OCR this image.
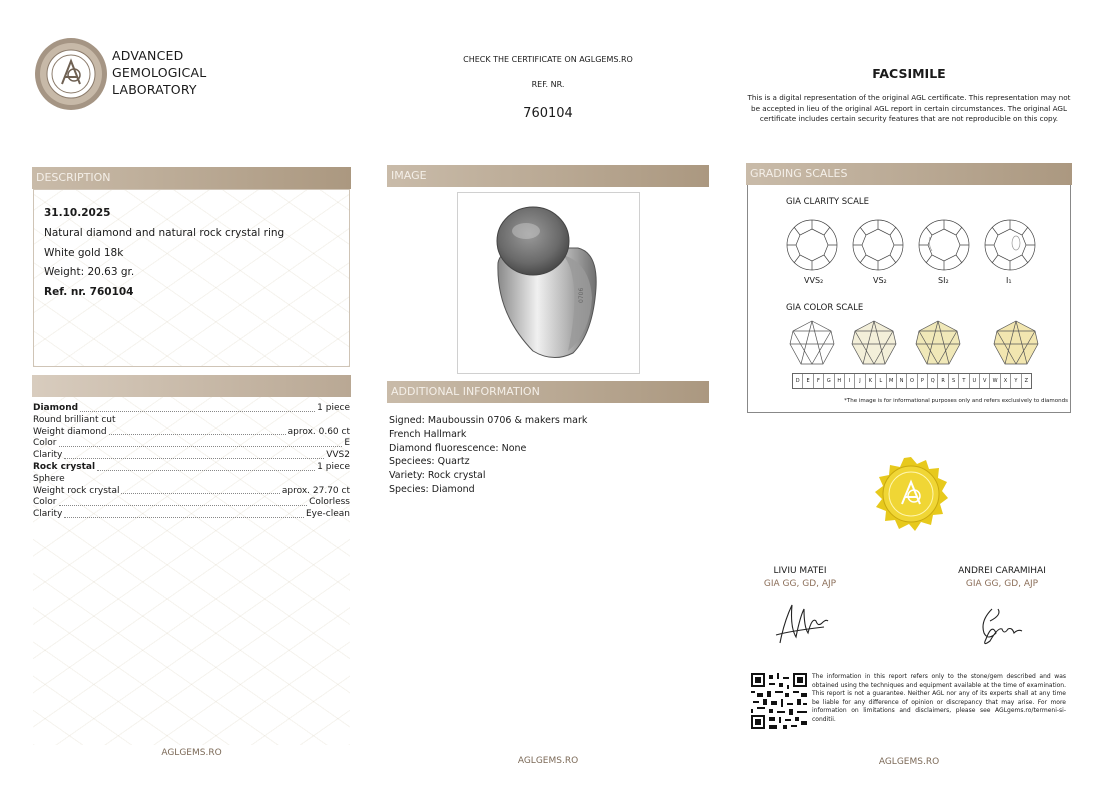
ADVANCED
GEMOLOGICAL
LABORATORY
CHECK THE CERTIFICATE ON AGLGEMS.RO
REF. NR.
760104
FACSIMILE
This is a digital representation of the original AGL certificate. This representation may not be accepted in lieu of the original AGL report in certain circumstances. The original AGL certificate includes certain security features that are not reproducible on this copy.
DESCRIPTION
31.10.2025
Natural diamond and natural rock crystal ring
White gold 18k
Weight: 20.63 gr.
Ref. nr. 760104
Diamond	1 piece
Round brilliant cut
Weight diamond	aprox. 0.60 ct
Color	E
Clarity	VVS2
Rock crystal	1 piece
Sphere
Weight rock crystal	aprox. 27.70 ct
Color	Colorless
Clarity	Eye-clean
AGLGEMS.RO
IMAGE
0706
ADDITIONAL INFORMATION
Signed: Mauboussin 0706 & makers mark
French Hallmark
Diamond fluorescence: None
Speciees: Quartz
Variety: Rock crystal
Species: Diamond
AGLGEMS.RO
GRADING SCALES
GIA CLARITY SCALE
VVS₂	VS₂	SI₂	I₁
GIA COLOR SCALE
D	E	F	G	H	I	J	K	L	M	N	O	P	Q	R	S	T	U	V	W	X	Y	Z
*The image is for informational purposes only and refers exclusively to diamonds
LIVIU MATEI
GIA GG, GD, AJP
ANDREI CARAMIHAI
GIA GG, GD, AJP
The information in this report refers only to the stone/gem described and was obtained using the techniques and equipment available at the time of examination. This report is not a guarantee. Neither AGL nor any of its experts shall at any time be liable for any difference of opinion or discrepancy that may arise. For more information on limitations and disclaimers, please see AGLgems.ro/termeni-si-conditii.
AGLGEMS.RO
